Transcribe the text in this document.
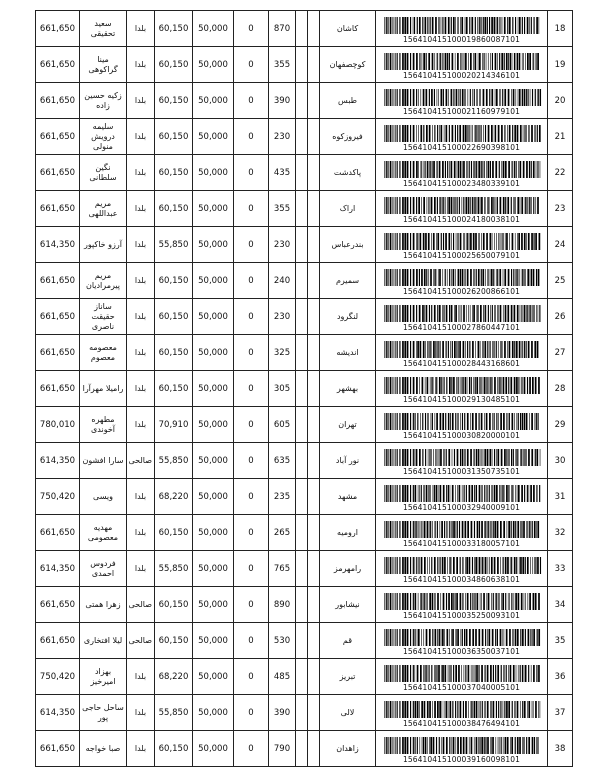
18	156410415100019860087101	کاشان			870	0	50,000	60,150	بلدا	سعید تحقیقی	661,650

19	156410415100020214346101	کوچصفهان			355	0	50,000	60,150	بلدا	مینا گراکوهی	661,650

20	156410415100021160979101	طبس			390	0	50,000	60,150	بلدا	زکیه حسین زاده	661,650

21	156410415100022690398101	فیروزکوه			230	0	50,000	60,150	بلدا	سلیمه درویش منولی	661,650

22	156410415100023480339101	پاکدشت			435	0	50,000	60,150	بلدا	نگین سلطانی	661,650

23	156410415100024180038101	اراک			355	0	50,000	60,150	بلدا	مریم عبداللهی	661,650

24	156410415100025650079101	بندرعباس			230	0	50,000	55,850	بلدا	آرزو خاکپور	614,350

25	156410415100026200866101	سمیرم			240	0	50,000	60,150	بلدا	مریم پیرمرادیان	661,650

26	156410415100027860447101	لنگرود			230	0	50,000	60,150	بلدا	ساناز حقیقت ناصری	661,650

27	156410415100028443168601	اندیشه			325	0	50,000	60,150	بلدا	معصومه معصوم	661,650

28	156410415100029130485101	بهشهر			305	0	50,000	60,150	بلدا	رامیلا مهرآرا	661,650

29	156410415100030820000101	تهران			605	0	50,000	70,910	بلدا	مطهره آخوندی	780,010

30	156410415100031350735101	نور آباد			635	0	50,000	55,850	صالحی	سارا افشون	614,350

31	156410415100032940009101	مشهد			235	0	50,000	68,220	بلدا	ویسی	750,420

32	156410415100033180057101	ارومیه			265	0	50,000	60,150	بلدا	مهدیه معصومی	661,650

33	156410415100034860638101	رامهرمز			765	0	50,000	55,850	بلدا	فردوس احمدی	614,350

34	156410415100035250093101	نیشابور			890	0	50,000	60,150	صالحی	زهرا همتی	661,650

35	156410415100036350037101	قم			530	0	50,000	60,150	صالحی	لیلا افتخاری	661,650

36	156410415100037040005101	تبریز			485	0	50,000	68,220	بلدا	بهزاد امیرخیز	750,420

37	156410415100038476494101	لالی			390	0	50,000	55,850	بلدا	ساحل حاجی پور	614,350

38	156410415100039160098101	زاهدان			790	0	50,000	60,150	بلدا	صبا خواجه	661,650
